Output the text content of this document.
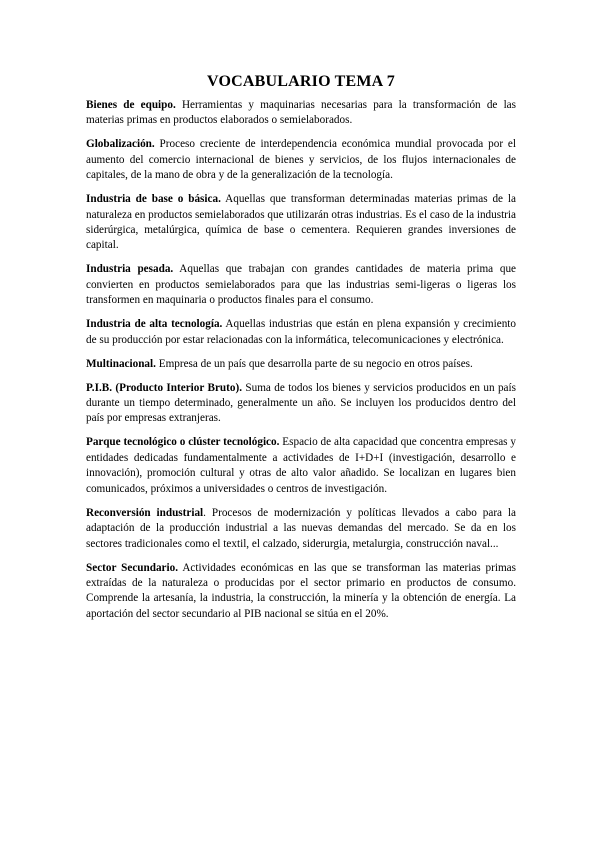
VOCABULARIO TEMA 7

Bienes de equipo. Herramientas y maquinarias necesarias para la transformación de las materias primas en productos elaborados o semielaborados.

Globalización. Proceso creciente de interdependencia económica mundial provocada por el aumento del comercio internacional de bienes y servicios, de los flujos internacionales de capitales, de la mano de obra y de la generalización de la tecnología.

Industria de base o básica. Aquellas que transforman determinadas materias primas de la naturaleza en productos semielaborados que utilizarán otras industrias. Es el caso de la industria siderúrgica, metalúrgica, química de base o cementera. Requieren grandes inversiones de capital.

Industria pesada. Aquellas que trabajan con grandes cantidades de materia prima que convierten en productos semielaborados para que las industrias semi-ligeras o ligeras los transformen en maquinaria o productos finales para el consumo.

Industria de alta tecnología. Aquellas industrias que están en plena expansión y crecimiento de su producción por estar relacionadas con la informática, telecomunicaciones y electrónica.

Multinacional. Empresa de un país que desarrolla parte de su negocio en otros países.

P.I.B. (Producto Interior Bruto). Suma de todos los bienes y servicios producidos en un país durante un tiempo determinado, generalmente un año. Se incluyen los producidos dentro del país por empresas extranjeras.

Parque tecnológico o clúster tecnológico. Espacio de alta capacidad que concentra empresas y entidades dedicadas fundamentalmente a actividades de I+D+I (investigación, desarrollo e innovación), promoción cultural y otras de alto valor añadido. Se localizan en lugares bien comunicados, próximos a universidades o centros de investigación.

Reconversión industrial. Procesos de modernización y políticas llevados a cabo para la adaptación de la producción industrial a las nuevas demandas del mercado. Se da en los sectores tradicionales como el textil, el calzado, siderurgia, metalurgia, construcción naval...

Sector Secundario. Actividades económicas en las que se transforman las materias primas extraídas de la naturaleza o producidas por el sector primario en productos de consumo. Comprende la artesanía, la industria, la construcción, la minería y la obtención de energía. La aportación del sector secundario al PIB nacional se sitúa en el 20%.
